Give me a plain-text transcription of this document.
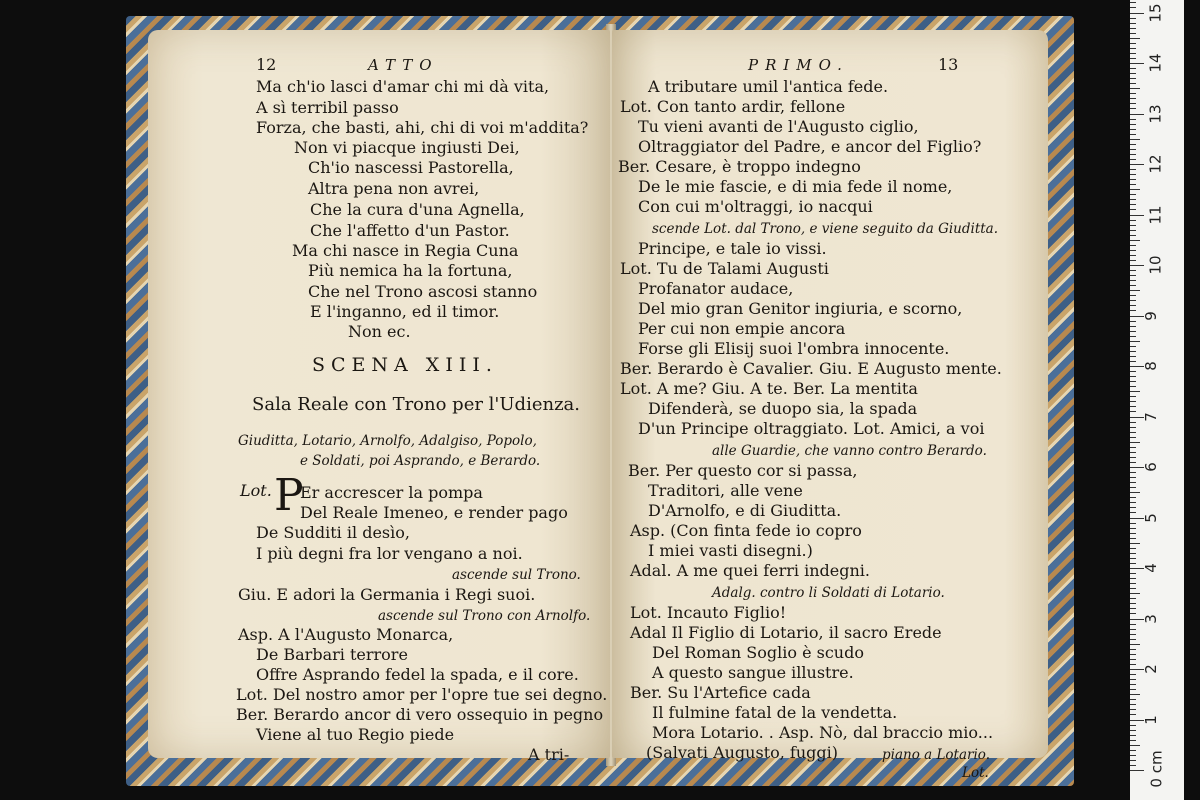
12	ATTO
Ma ch'io lasci d'amar chi mi dà vita,
A sì terribil passo
Forza, che basti, ahi, chi di voi m'addita?
Non vi piacque ingiusti Dei,
Ch'io nascessi Pastorella,
Altra pena non avrei,
Che la cura d'una Agnella,
Che l'affetto d'un Pastor.
Ma chi nasce in Regia Cuna
Più nemica ha la fortuna,
Che nel Trono ascosi stanno
E l'inganno, ed il timor.
Non ec.
SCENA XIII.
Sala Reale con Trono per l'Udienza.
Giuditta, Lotario, Arnolfo, Adalgiso, Popolo,
e Soldati, poi Asprando, e Berardo.
Lot. P
Er accrescer la pompa
Del Reale Imeneo, e render pago
De Sudditi il desìo,
I più degni fra lor vengano a noi.
ascende sul Trono.
Giu. E adori la Germania i Regi suoi.
ascende sul Trono con Arnolfo.
Asp. A l'Augusto Monarca,
De Barbari terrore
Offre Asprando fedel la spada, e il core.
Lot. Del nostro amor per l'opre tue sei degno.
Ber. Berardo ancor di vero ossequio in pegno
Viene al tuo Regio piede
A tri-
PRIMO.	13
A tributare umil l'antica fede.
Lot. Con tanto ardir, fellone
Tu vieni avanti de l'Augusto ciglio,
Oltraggiator del Padre, e ancor del Figlio?
Ber. Cesare, è troppo indegno
De le mie fascie, e di mia fede il nome,
Con cui m'oltraggi, io nacqui
scende Lot. dal Trono, e viene seguito da Giuditta.
Principe, e tale io vissi.
Lot. Tu de Talami Augusti
Profanator audace,
Del mio gran Genitor ingiuria, e scorno,
Per cui non empie ancora
Forse gli Elisij suoi l'ombra innocente.
Ber. Berardo è Cavalier. Giu. E Augusto mente.
Lot. A me? Giu. A te. Ber. La mentita
Difenderà, se duopo sia, la spada
D'un Principe oltraggiato. Lot. Amici, a voi
alle Guardie, che vanno contro Berardo.
Ber. Per questo cor si passa,
Traditori, alle vene
D'Arnolfo, e di Giuditta.
Asp. (Con finta fede io copro
I miei vasti disegni.)
Adal. A me quei ferri indegni.
Adalg. contro li Soldati di Lotario.
Lot. Incauto Figlio!
Adal Il Figlio di Lotario, il sacro Erede
Del Roman Soglio è scudo
A questo sangue illustre.
Ber. Su l'Artefice cada
Il fulmine fatal de la vendetta.
Mora Lotario. . Asp. Nò, dal braccio mio...
(Salvati Augusto, fuggi)	piano a Lotario.
Lot.	0 cm
1
2
3
4
5
6
7
8
9
10
11
12
13
14
15
